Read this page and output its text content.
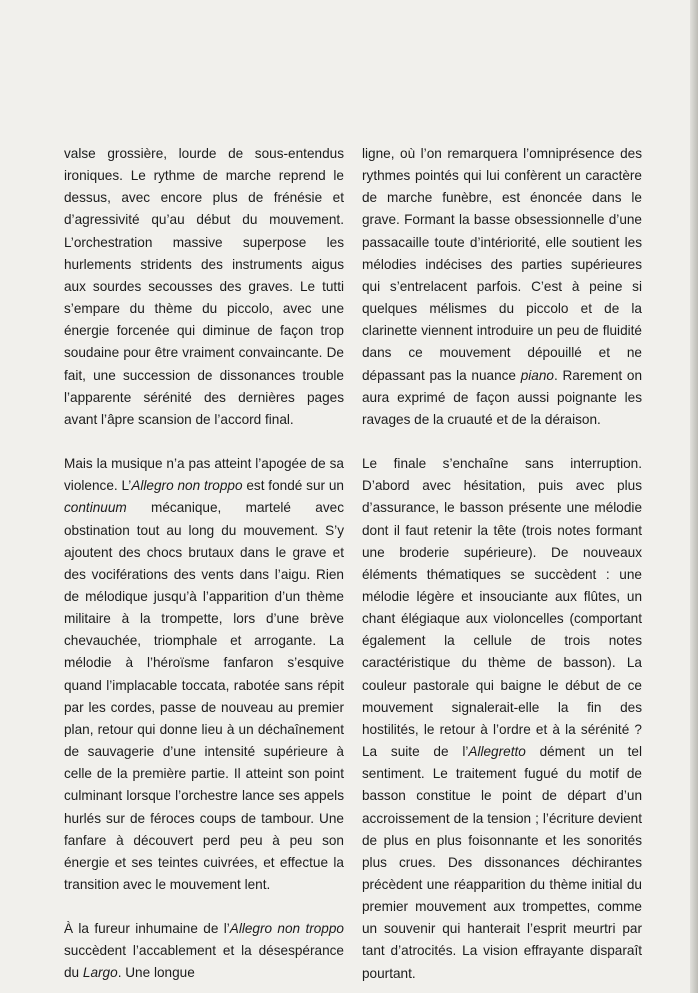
valse grossière, lourde de sous-entendus ironiques. Le rythme de marche reprend le dessus, avec encore plus de frénésie et d’agressivité qu’au début du mouvement. L’orchestration massive superpose les hurlements stridents des instruments aigus aux sourdes secousses des graves. Le tutti s’empare du thème du piccolo, avec une énergie forcenée qui diminue de façon trop soudaine pour être vraiment convaincante. De fait, une succession de dissonances trouble l’apparente sérénité des dernières pages avant l’âpre scansion de l’accord final.

Mais la musique n’a pas atteint l’apogée de sa violence. L’Allegro non troppo est fondé sur un continuum mécanique, martelé avec obstination tout au long du mouvement. S’y ajoutent des chocs brutaux dans le grave et des vociférations des vents dans l’aigu. Rien de mélodique jusqu’à l’apparition d’un thème militaire à la trompette, lors d’une brève chevauchée, triomphale et arrogante. La mélodie à l’héroïsme fanfaron s’esquive quand l’implacable toccata, rabotée sans répit par les cordes, passe de nouveau au premier plan, retour qui donne lieu à un déchaînement de sauvagerie d’une intensité supérieure à celle de la première partie. Il atteint son point culminant lorsque l’orchestre lance ses appels hurlés sur de féroces coups de tambour. Une fanfare à découvert perd peu à peu son énergie et ses teintes cuivrées, et effectue la transition avec le mouvement lent.

À la fureur inhumaine de l’Allegro non troppo succèdent l’accablement et la désespérance du Largo. Une longue

ligne, où l’on remarquera l’omniprésence des rythmes pointés qui lui confèrent un caractère de marche funèbre, est énoncée dans le grave. Formant la basse obsessionnelle d’une passacaille toute d’intériorité, elle soutient les mélodies indécises des parties supérieures qui s’entrelacent parfois. C’est à peine si quelques mélismes du piccolo et de la clarinette viennent introduire un peu de fluidité dans ce mouvement dépouillé et ne dépassant pas la nuance piano. Rarement on aura exprimé de façon aussi poignante les ravages de la cruauté et de la déraison.

Le finale s’enchaîne sans interruption. D’abord avec hésitation, puis avec plus d’assurance, le basson présente une mélodie dont il faut retenir la tête (trois notes formant une broderie supérieure). De nouveaux éléments thématiques se succèdent : une mélodie légère et insouciante aux flûtes, un chant élégiaque aux violoncelles (comportant également la cellule de trois notes caractéristique du thème de basson). La couleur pastorale qui baigne le début de ce mouvement signalerait-elle la fin des hostilités, le retour à l’ordre et à la sérénité ? La suite de l’Allegretto dément un tel sentiment. Le traitement fugué du motif de basson constitue le point de départ d’un accroissement de la tension ; l’écriture devient de plus en plus foisonnante et les sonorités plus crues. Des dissonances déchirantes précèdent une réapparition du thème initial du premier mouvement aux trompettes, comme un souvenir qui hanterait l’esprit meurtri par tant d’atrocités. La vision effrayante disparaît pourtant.
